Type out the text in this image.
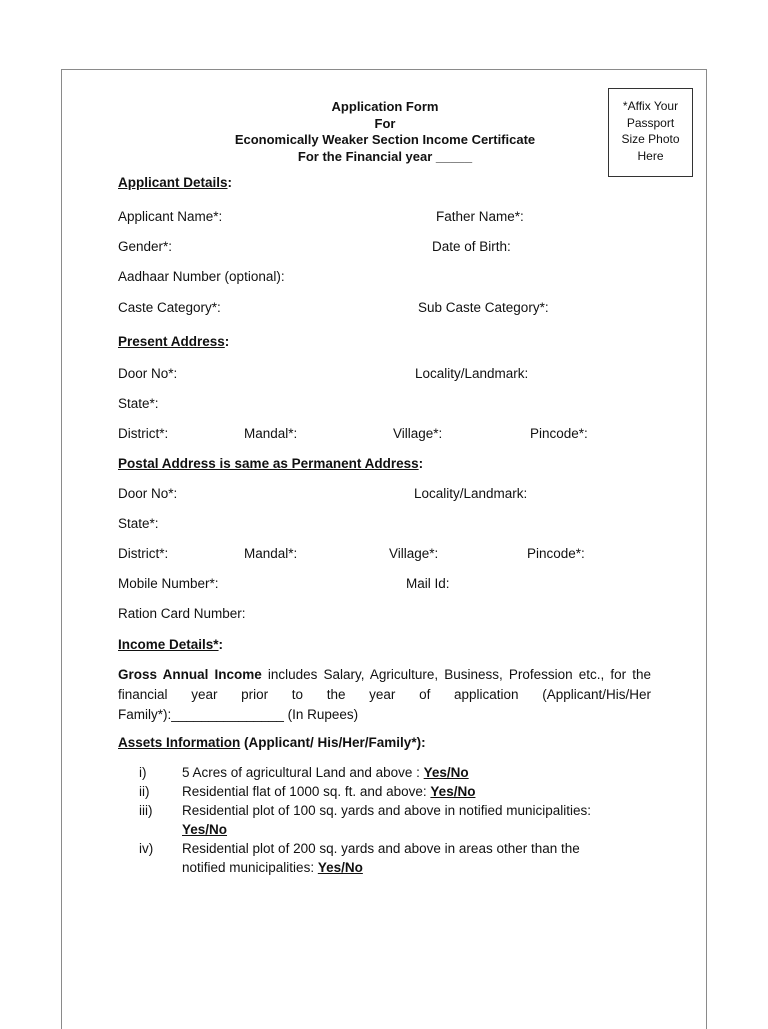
Application Form
For
Economically Weaker Section Income Certificate
For the Financial year _____
*Affix Your
Passport
Size Photo
Here
Applicant Details:
Applicant Name*:	Father Name*:
Gender*:	Date of Birth:
Aadhaar Number (optional):
Caste Category*:	Sub Caste Category*:
Present Address:
Door No*:	Locality/Landmark:
State*:
District*:	Mandal*:	Village*:	Pincode*:
Postal Address is same as Permanent Address:
Door No*:	Locality/Landmark:
State*:
District*:	Mandal*:	Village*:	Pincode*:
Mobile Number*:	Mail Id:
Ration Card Number:
Income Details*:
Gross Annual Income includes Salary, Agriculture, Business, Profession etc., for the financial year prior to the year of application (Applicant/His/Her Family*):_______________ (In Rupees)
Assets Information (Applicant/ His/Her/Family*):
i)	5 Acres of agricultural Land and above : Yes/No
ii) Residential flat of 1000 sq. ft. and above: Yes/No
iii) Residential plot of 100 sq. yards and above in notified municipalities:
Yes/No
iv) Residential plot of 200 sq. yards and above in areas other than the
notified municipalities: Yes/No
